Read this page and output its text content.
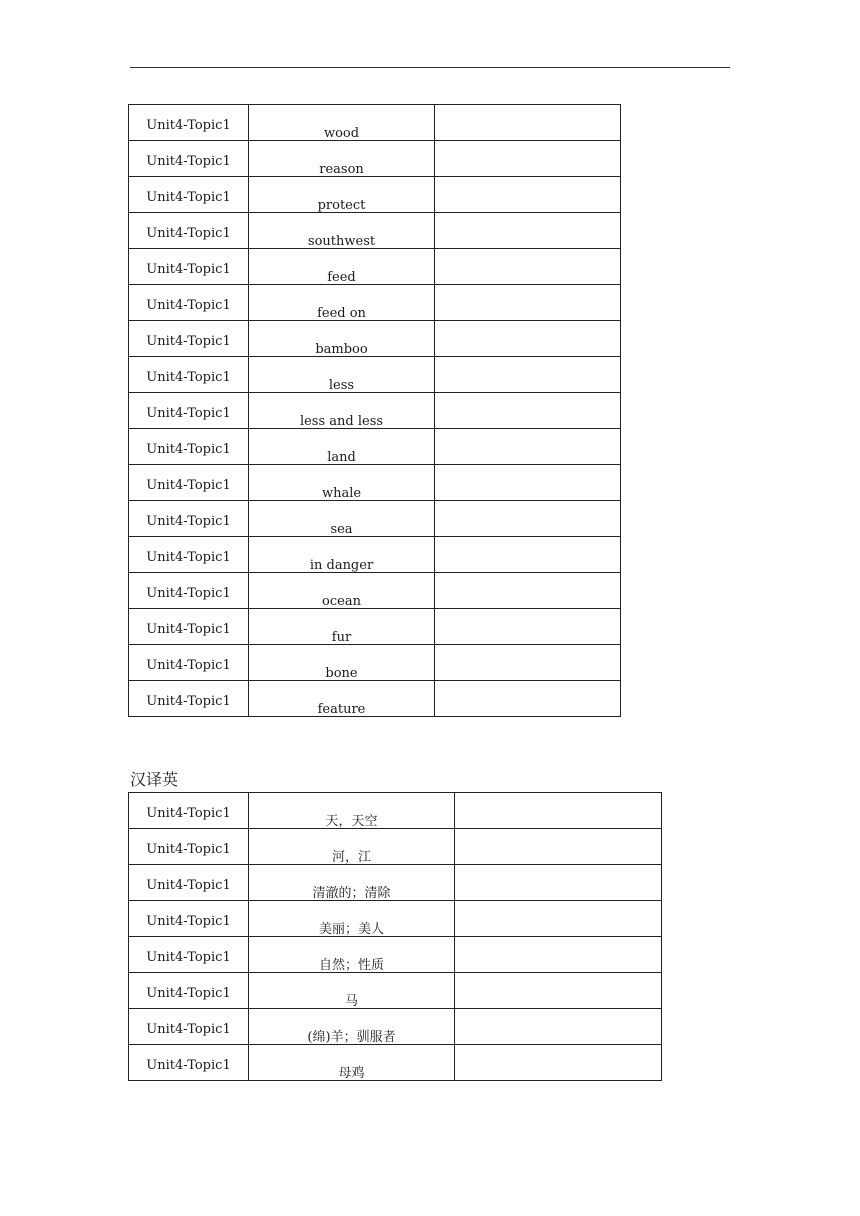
Unit4-Topic1	wood	
Unit4-Topic1	reason	
Unit4-Topic1	protect	
Unit4-Topic1	southwest	
Unit4-Topic1	feed	
Unit4-Topic1	feed on	
Unit4-Topic1	bamboo	
Unit4-Topic1	less	
Unit4-Topic1	less and less	
Unit4-Topic1	land	
Unit4-Topic1	whale	
Unit4-Topic1	sea	
Unit4-Topic1	in danger	
Unit4-Topic1	ocean	
Unit4-Topic1	fur	
Unit4-Topic1	bone	
Unit4-Topic1	feature	
汉译英
Unit4-Topic1	天，天空	
Unit4-Topic1	河，江	
Unit4-Topic1	清澈的；清除	
Unit4-Topic1	美丽；美人	
Unit4-Topic1	自然；性质	
Unit4-Topic1	马	
Unit4-Topic1	(绵)羊；驯服者	
Unit4-Topic1	母鸡	
